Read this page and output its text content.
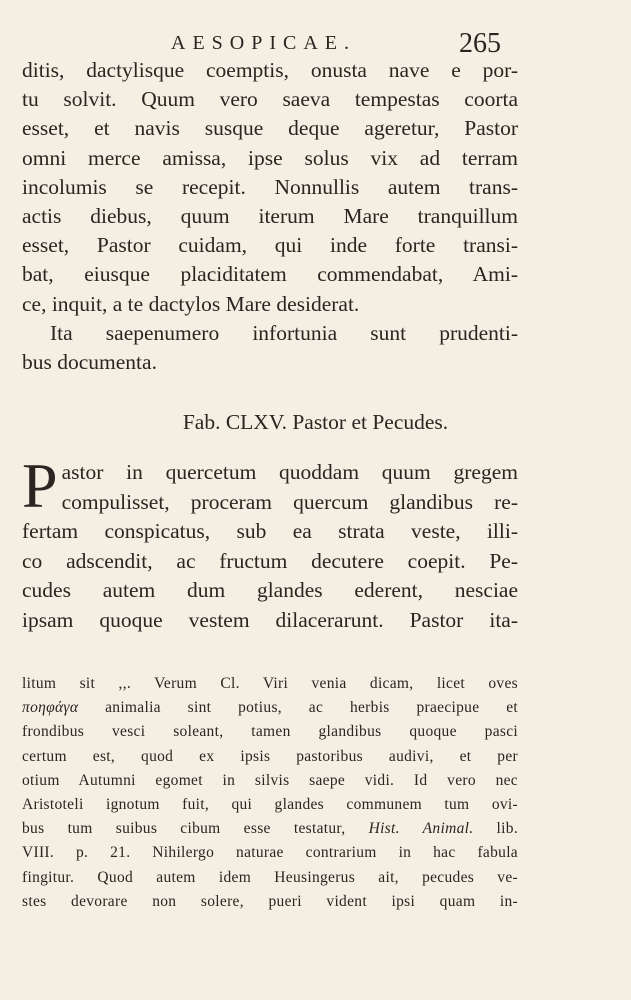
AESOPICAE.	265
ditis, dactylisque coemptis, onusta nave e por-
tu solvit. Quum vero saeva tempestas coorta
esset, et navis susque deque ageretur, Pastor
omni merce amissa, ipse solus vix ad terram
incolumis se recepit. Nonnullis autem trans-
actis diebus, quum iterum Mare tranquillum
esset, Pastor cuidam, qui inde forte transi-
bat, eiusque placiditatem commendabat, Ami-
ce, inquit, a te dactylos Mare desiderat.
Ita saepenumero infortunia sunt prudenti-
bus documenta.
Fab. CLXV. Pastor et Pecudes.
P astor in quercetum quoddam quum gregem
compulisset, proceram quercum glandibus re-
fertam conspicatus, sub ea strata veste, illi-
co adscendit, ac fructum decutere coepit. Pe-
cudes autem dum glandes ederent, nesciae
ipsam quoque vestem dilacerarunt. Pastor ita-
litum sit ,,. Verum Cl. Viri venia dicam, licet oves
ποηφάγα animalia sint potius, ac herbis praecipue et
frondibus vesci soleant, tamen glandibus quoque pasci
certum est, quod ex ipsis pastoribus audivi, et per
otium Autumni egomet in silvis saepe vidi. Id vero nec
Aristoteli ignotum fuit, qui glandes communem tum ovi-
bus tum suibus cibum esse testatur, Hist. Animal. lib.
VIII. p. 21. Nihilergo naturae contrarium in hac fabula
fingitur. Quod autem idem Heusingerus ait, pecudes ve-
stes devorare non solere, pueri vident ipsi quam in-
